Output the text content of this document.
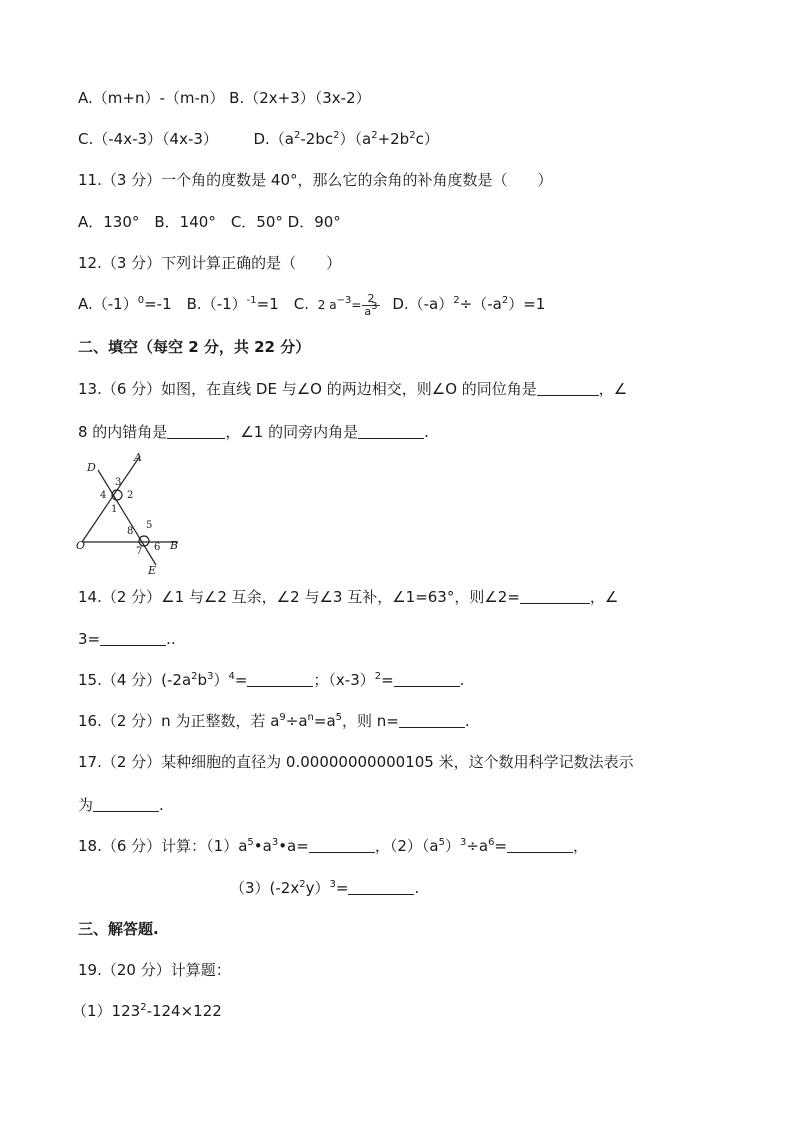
A.（m+n）-（m-n） B.（2x+3）（3x-2）
C.（-4x-3）（4x-3） $D.(a^2-2bc^2)(a^2+2b^2c)$
11.（3 分）一个角的度数是 40°，那么它的余角的补角度数是（　　）
A．130°　B．140°　C．50° D．90°
12.（3 分）下列计算正确的是（　　）
$A.(-1)^0=-1$　$B.(-1)^{-1}=1$　C. 2 $a^{-3}= \frac{2}{a^3} D.(-a)^2\div(-a^2)=1$
二、填空（每空 2 分，共 22 分）
13.（6 分）如图，在直线 DE 与∠O 的两边相交，则∠O 的同位角是	，∠
8 的内错角是	，∠1 的同旁内角是	.
D
A
O	B
E
3
4 2
1
8
5
7 6
14.（2 分）∠1 与∠2 互余，∠2 与∠3 互补，∠1=63°，则∠2=	，∠
3=	..
15.（4 分）$(-2a^2b^3)^4=$	；$(x-3)^2=$	.
16.（2 分）n 为正整数，若 $a^9\div a^n=a^5$，则 n=	.
17.（2 分）某种细胞的直径为 0.00000000000105 米，这个数用科学记数法表示
为	.
18.（6 分）计算：$(1)a^5•a^3•a=$	，$(2)(a^5)^3\div a^6=$	，
$(3)(-2x^2y)^3=$	.
三、解答题.
19.（20 分）计算题：
$(1)123^2-124\times 122$
